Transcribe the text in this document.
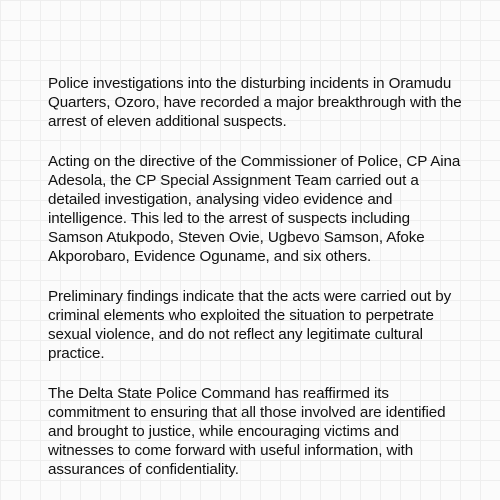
Police investigations into the disturbing incidents in Oramudu Quarters, Ozoro, have recorded a major breakthrough with the arrest of eleven additional suspects.

Acting on the directive of the Commissioner of Police, CP Aina Adesola, the CP Special Assignment Team carried out a detailed investigation, analysing video evidence and intelligence. This led to the arrest of suspects including Samson Atukpodo, Steven Ovie, Ugbevo Samson, Afoke Akporobaro, Evidence Oguname, and six others.

Preliminary findings indicate that the acts were carried out by criminal elements who exploited the situation to perpetrate sexual violence, and do not reflect any legitimate cultural practice.

The Delta State Police Command has reaffirmed its commitment to ensuring that all those involved are identified and brought to justice, while encouraging victims and witnesses to come forward with useful information, with assurances of confidentiality.
